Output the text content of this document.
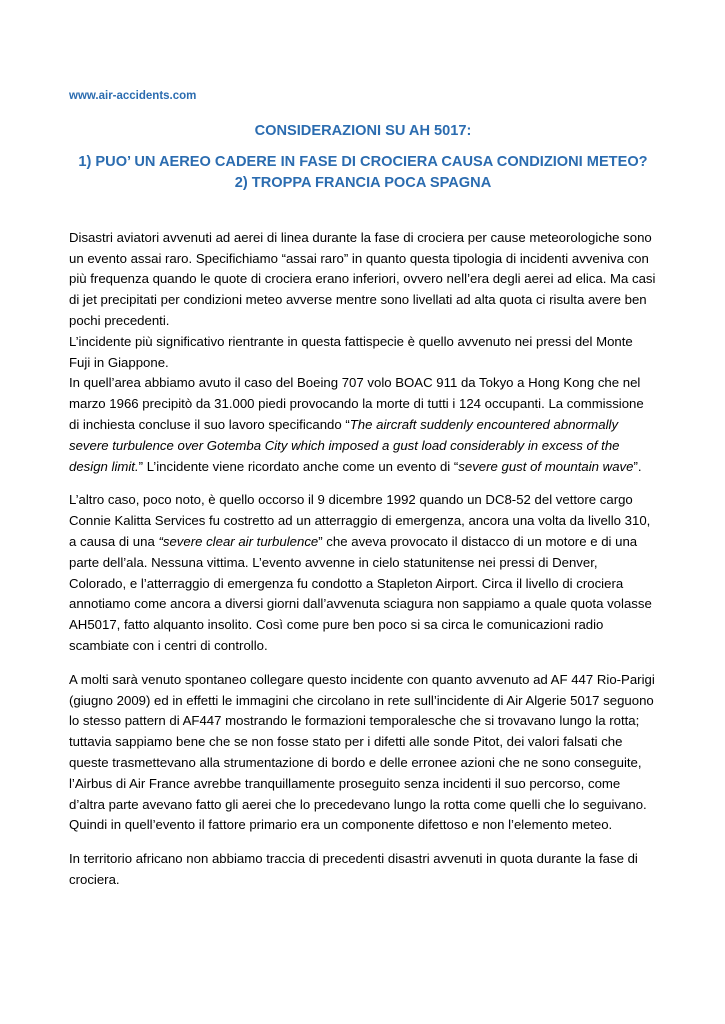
www.air-accidents.com
CONSIDERAZIONI SU AH 5017:
1) PUO’ UN AEREO CADERE IN FASE DI CROCIERA CAUSA CONDIZIONI METEO?
2) TROPPA FRANCIA POCA SPAGNA

Disastri aviatori avvenuti ad aerei di linea durante la fase di crociera per cause meteorologiche sono un evento assai raro. Specifichiamo “assai raro” in quanto questa tipologia di incidenti avveniva con più frequenza quando le quote di crociera erano inferiori, ovvero nell’era degli aerei ad elica. Ma casi di jet precipitati per condizioni meteo avverse mentre sono livellati ad alta quota ci risulta avere ben pochi precedenti.

L’incidente più significativo rientrante in questa fattispecie è quello avvenuto nei pressi del Monte Fuji in Giappone.

In quell’area abbiamo avuto il caso del Boeing 707 volo BOAC 911 da Tokyo a Hong Kong che nel marzo 1966 precipitò da 31.000 piedi provocando la morte di tutti i 124 occupanti. La commissione di inchiesta concluse il suo lavoro specificando “The aircraft suddenly encountered abnormally severe turbulence over Gotemba City which imposed a gust load considerably in excess of the design limit.” L’incidente viene ricordato anche come un evento di “severe gust of mountain wave”.

L’altro caso, poco noto, è quello occorso il 9 dicembre 1992 quando un DC8-52 del vettore cargo Connie Kalitta Services fu costretto ad un atterraggio di emergenza, ancora una volta da livello 310, a causa di una “severe clear air turbulence” che aveva provocato il distacco di un motore e di una parte dell’ala. Nessuna vittima. L’evento avvenne in cielo statunitense nei pressi di Denver, Colorado, e l’atterraggio di emergenza fu condotto a Stapleton Airport. Circa il livello di crociera annotiamo come ancora a diversi giorni dall’avvenuta sciagura non sappiamo a quale quota volasse AH5017, fatto alquanto insolito. Così come pure ben poco si sa circa le comunicazioni radio scambiate con i centri di controllo.

A molti sarà venuto spontaneo collegare questo incidente con quanto avvenuto ad AF 447 Rio-Parigi (giugno 2009) ed in effetti le immagini che circolano in rete sull’incidente di Air Algerie 5017 seguono lo stesso pattern di AF447 mostrando le formazioni temporalesche che si trovavano lungo la rotta; tuttavia sappiamo bene che se non fosse stato per i difetti alle sonde Pitot, dei valori falsati che queste trasmettevano alla strumentazione di bordo e delle erronee azioni che ne sono conseguite, l’Airbus di Air France avrebbe tranquillamente proseguito senza incidenti il suo percorso, come d’altra parte avevano fatto gli aerei che lo precedevano lungo la rotta come quelli che lo seguivano. Quindi in quell’evento il fattore primario era un componente difettoso e non l’elemento meteo.

In territorio africano non abbiamo traccia di precedenti disastri avvenuti in quota durante la fase di crociera.
